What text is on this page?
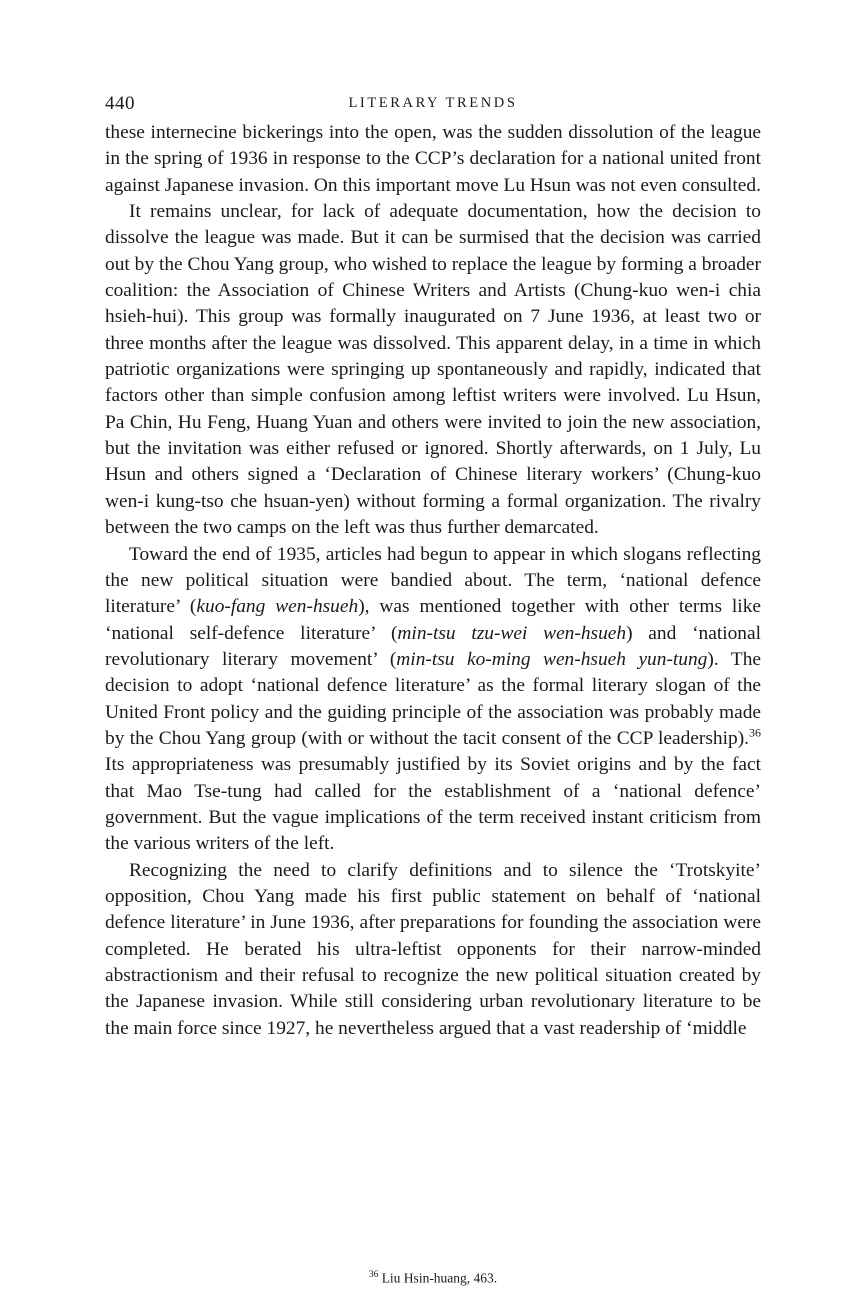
440	LITERARY TRENDS

these internecine bickerings into the open, was the sudden dissolution of the league in the spring of 1936 in response to the CCP’s declaration for a national united front against Japanese invasion. On this important move Lu Hsun was not even consulted.

It remains unclear, for lack of adequate documentation, how the decision to dissolve the league was made. But it can be surmised that the decision was carried out by the Chou Yang group, who wished to replace the league by forming a broader coalition: the Association of Chinese Writers and Artists (Chung-kuo wen-i chia hsieh-hui). This group was formally inaugurated on 7 June 1936, at least two or three months after the league was dissolved. This apparent delay, in a time in which patriotic organizations were springing up spontaneously and rapidly, indicated that factors other than simple confusion among leftist writers were involved. Lu Hsun, Pa Chin, Hu Feng, Huang Yuan and others were invited to join the new association, but the invitation was either refused or ignored. Shortly afterwards, on 1 July, Lu Hsun and others signed a ‘Declaration of Chinese literary workers’ (Chung-kuo wen-i kung-tso che hsuan-yen) without forming a formal organization. The rivalry between the two camps on the left was thus further demarcated.

Toward the end of 1935, articles had begun to appear in which slogans reflecting the new political situation were bandied about. The term, ‘national defence literature’ (kuo-fang wen-hsueh), was mentioned together with other terms like ‘national self-defence literature’ (min-tsu tzu-wei wen-hsueh) and ‘national revolutionary literary movement’ (min-tsu ko-ming wen-hsueh yun-tung). The decision to adopt ‘national defence literature’ as the formal literary slogan of the United Front policy and the guiding principle of the association was probably made by the Chou Yang group (with or without the tacit consent of the CCP leadership).$^{36}$ Its appropriateness was presumably justified by its Soviet origins and by the fact that Mao Tse-tung had called for the establishment of a ‘national defence’ government. But the vague implications of the term received instant criticism from the various writers of the left.

Recognizing the need to clarify definitions and to silence the ‘Trotskyite’ opposition, Chou Yang made his first public statement on behalf of ‘national defence literature’ in June 1936, after preparations for founding the association were completed. He berated his ultra-leftist opponents for their narrow-minded abstractionism and their refusal to recognize the new political situation created by the Japanese invasion. While still considering urban revolutionary literature to be the main force since 1927, he nevertheless argued that a vast readership of ‘middle

$^{36}$ Liu Hsin-huang, 463.
